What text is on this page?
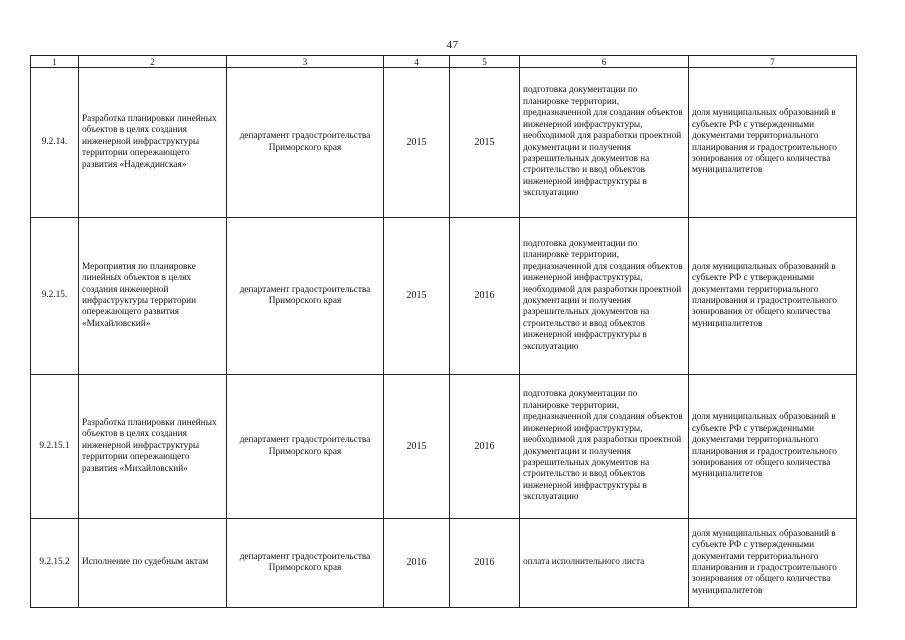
47
1	2	3	4	5	6	7
9.2.14.	Разработка планировки линейных объектов в целях создания инженерной инфраструктуры территории опережающего развития «Надеждинская»	департамент градостроительства Приморского края	2015	2015	подготовка документации по планировке территории, предназначенной для создания объектов инженерной инфраструктуры, необходимой для разработки проектной документации и получения разрешительных документов на строительство и ввод объектов инженерной инфраструктуры в эксплуатацию	доля муниципальных образований в субъекте РФ с утвержденными документами территориального планирования и градостроительного зонирования от общего количества муниципалитетов
9.2.15.	Мероприятия по планировке линейных объектов в целях создания инженерной инфраструктуры территории опережающего развития «Михайловский»	департамент градостроительства Приморского края	2015	2016	подготовка документации по планировке территории, предназначенной для создания объектов инженерной инфраструктуры, необходимой для разработки проектной документации и получения разрешительных документов на строительство и ввод объектов инженерной инфраструктуры в эксплуатацию	доля муниципальных образований в субъекте РФ с утвержденными документами территориального планирования и градостроительного зонирования от общего количества муниципалитетов
9.2.15.1	Разработка планировки линейных объектов в целях создания инженерной инфраструктуры территории опережающего развития «Михайловский»	департамент градостроительства Приморского края	2015	2016	подготовка документации по планировке территории, предназначенной для создания объектов инженерной инфраструктуры, необходимой для разработки проектной документации и получения разрешительных документов на строительство и ввод объектов инженерной инфраструктуры в эксплуатацию	доля муниципальных образований в субъекте РФ с утвержденными документами территориального планирования и градостроительного зонирования от общего количества муниципалитетов
9.2.15.2	Исполнение по судебным актам	департамент градостроительства Приморского края	2016	2016	оплата исполнительного листа	доля муниципальных образований в субъекте РФ с утвержденными документами территориального планирования и градостроительного зонирования от общего количества муниципалитетов
